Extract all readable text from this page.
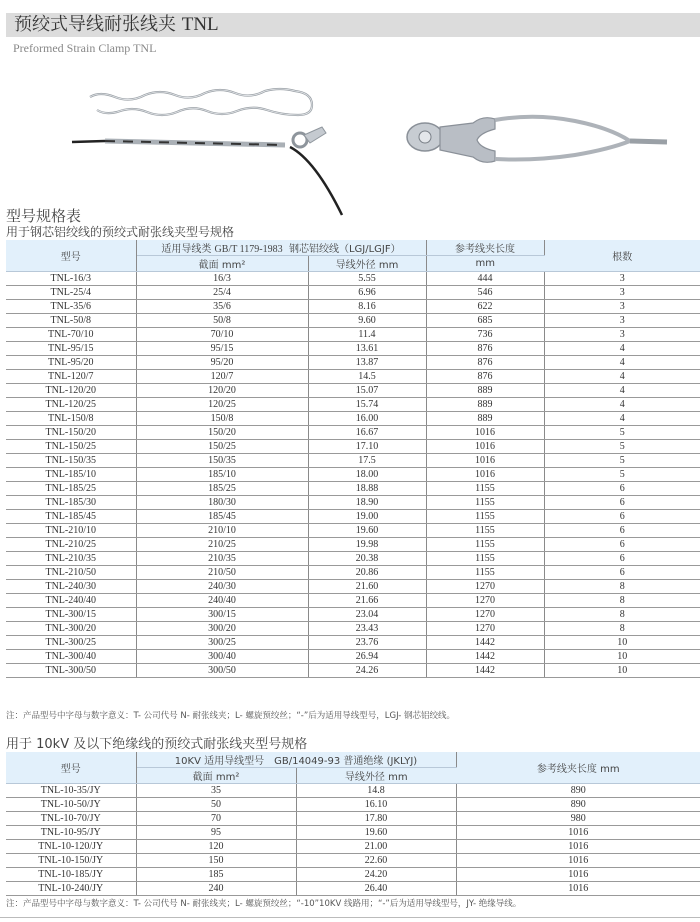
预绞式导线耐张线夹 TNL
Preformed Strain Clamp TNL
型号规格表
用于钢芯铝绞线的预绞式耐张线夹型号规格
型号	适用导线类 GB/T 1179-1983 钢芯铝绞线（LGJ/LGJF）		参考线夹长度	根数
	截面 mm²	导线外径 mm	mm	
TNL-16/3	16/3	5.55	444	3
TNL-25/4	25/4	6.96	546	3
TNL-35/6	35/6	8.16	622	3
TNL-50/8	50/8	9.60	685	3
TNL-70/10	70/10	11.4	736	3
TNL-95/15	95/15	13.61	876	4
TNL-95/20	95/20	13.87	876	4
TNL-120/7	120/7	14.5	876	4
TNL-120/20	120/20	15.07	889	4
TNL-120/25	120/25	15.74	889	4
TNL-150/8	150/8	16.00	889	4
TNL-150/20	150/20	16.67	1016	5
TNL-150/25	150/25	17.10	1016	5
TNL-150/35	150/35	17.5	1016	5
TNL-185/10	185/10	18.00	1016	5
TNL-185/25	185/25	18.88	1155	6
TNL-185/30	180/30	18.90	1155	6
TNL-185/45	185/45	19.00	1155	6
TNL-210/10	210/10	19.60	1155	6
TNL-210/25	210/25	19.98	1155	6
TNL-210/35	210/35	20.38	1155	6
TNL-210/50	210/50	20.86	1155	6
TNL-240/30	240/30	21.60	1270	8
TNL-240/40	240/40	21.66	1270	8
TNL-300/15	300/15	23.04	1270	8
TNL-300/20	300/20	23.43	1270	8
TNL-300/25	300/25	23.76	1442	10
TNL-300/40	300/40	26.94	1442	10
TNL-300/50	300/50	24.26	1442	10
注：产品型号中字母与数字意义：T- 公司代号 N- 耐张线夹；L- 螺旋预绞丝；“-”后为适用导线型号，LGJ- 钢芯铝绞线。
用于 10kV 及以下绝缘线的预绞式耐张线夹型号规格
型号	10KV 适用导线型号　GB/14049-93 普通绝缘 (JKLYJ)		参考线夹长度 mm
	截面 mm²	导线外径 mm	
TNL-10-35/JY	35	14.8	890
TNL-10-50/JY	50	16.10	890
TNL-10-70/JY	70	17.80	980
TNL-10-95/JY	95	19.60	1016
TNL-10-120/JY	120	21.00	1016
TNL-10-150/JY	150	22.60	1016
TNL-10-185/JY	185	24.20	1016
TNL-10-240/JY	240	26.40	1016
注：产品型号中字母与数字意义：T- 公司代号 N- 耐张线夹；L- 螺旋预绞丝；“-10”10KV 线路用；“-”后为适用导线型号，JY- 绝缘导线。
